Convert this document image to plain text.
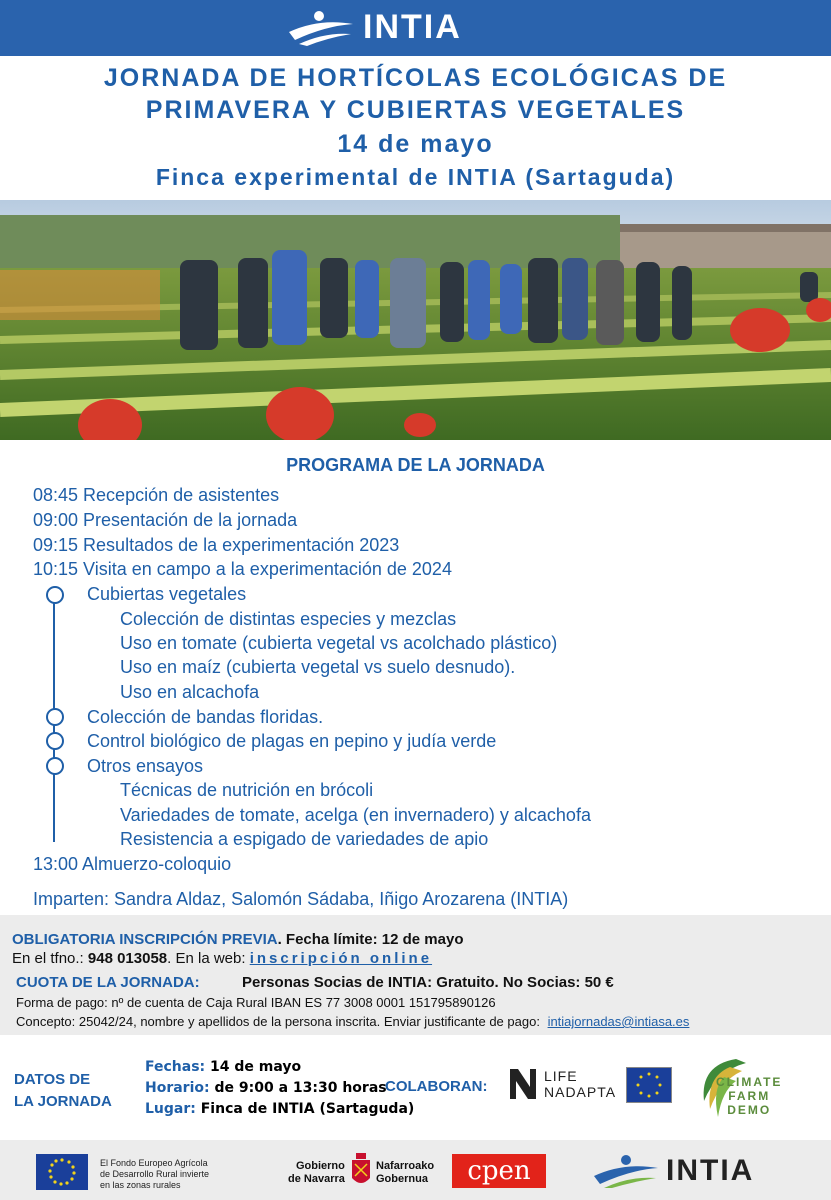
INTIA
JORNADA DE HORTÍCOLAS ECOLÓGICAS DE
PRIMAVERA Y CUBIERTAS VEGETALES
14 de mayo
Finca experimental de INTIA (Sartaguda)
PROGRAMA DE LA JORNADA
08:45 Recepción de asistentes
09:00 Presentación de la jornada
09:15 Resultados de la experimentación 2023
10:15 Visita en campo a la experimentación de 2024
Cubiertas vegetales
Colección de distintas especies y mezclas
Uso en tomate (cubierta vegetal vs acolchado plástico)
Uso en maíz (cubierta vegetal vs suelo desnudo).
Uso en alcachofa
Colección de bandas floridas.
Control biológico de plagas en pepino y judía verde
Otros ensayos
Técnicas de nutrición en brócoli
Variedades de tomate, acelga (en invernadero) y alcachofa
Resistencia a espigado de variedades de apio
13:00 Almuerzo-coloquio
Imparten: Sandra Aldaz, Salomón Sádaba, Iñigo Arozarena (INTIA)
OBLIGATORIA INSCRIPCIÓN PREVIA. Fecha límite: 12 de mayo
En el tfno.: 948 013058. En la web: inscripción online
CUOTA DE LA JORNADA:	Personas Socias de INTIA: Gratuito. No Socias: 50 €
Forma de pago: nº de cuenta de Caja Rural IBAN ES 77 3008 0001 151795890126
Concepto: 25042/24, nombre y apellidos de la persona inscrita. Enviar justificante de pago: intiajornadas@intiasa.es
DATOS DE
LA JORNADA
Fechas: 14 de mayo
Horario: de 9:00 a 13:30 horas
Lugar: Finca de INTIA (Sartaguda)
COLABORAN:
LIFE
NADAPTA
CLIMATE
FARM
DEMO
El Fondo Europeo Agrícola
de Desarrollo Rural invierte
en las zonas rurales
Gobierno
de Navarra
Nafarroako
Gobernua	cpen	INTIA
